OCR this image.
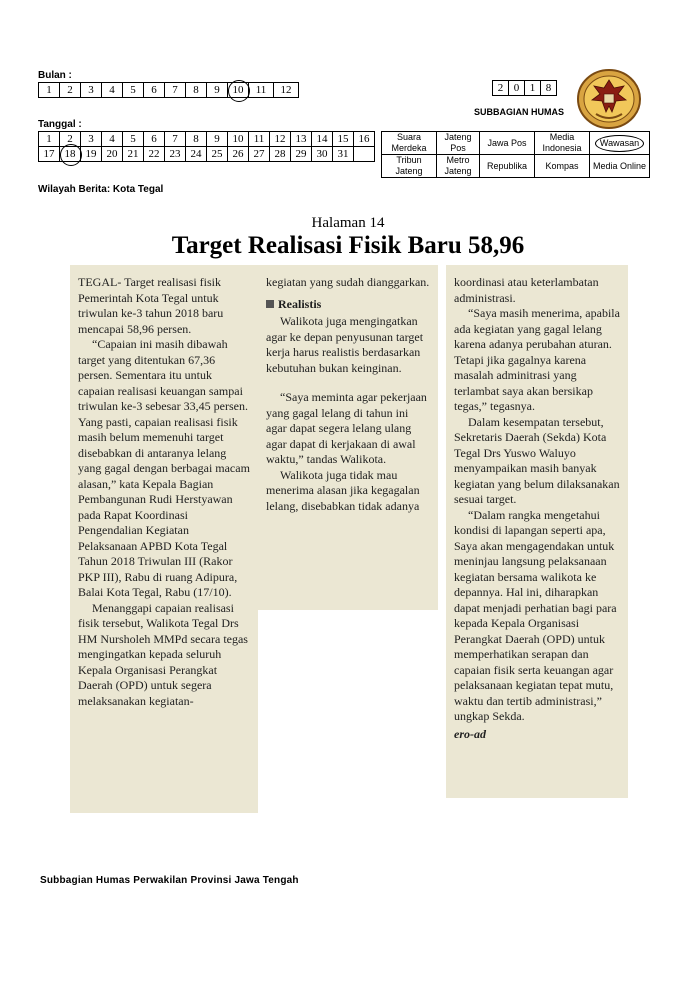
Bulan :
1	2	3	4	5	6	7	8	9	10	11	12
Tanggal :
1	2	3	4	5	6	7	8	9	10	11	12	13	14	15	16
17	18	19	20	21	22	23	24	25	26	27	28	29	30	31	
Wilayah Berita: Kota Tegal
2	0	1	8
SUBBAGIAN HUMAS
Suara Merdeka	Jateng Pos	Jawa Pos	Media Indonesia	Wawasan
Tribun Jateng	Metro Jateng	Republika	Kompas	Media Online
Halaman 14
Target Realisasi Fisik Baru 58,96

TEGAL- Target realisasi fisik Pemerintah Kota Tegal untuk triwulan ke-3 tahun 2018 baru mencapai 58,96 persen.

“Capaian ini masih dibawah target yang ditentukan 67,36 persen. Sementara itu untuk capaian realisasi keuangan sampai triwulan ke-3 sebesar 33,45 persen. Yang pasti, capaian realisasi fisik masih belum memenuhi target disebabkan di antaranya lelang yang gagal dengan berbagai macam alasan,” kata Kepala Bagian Pembangunan Rudi Herstyawan pada Rapat Koordinasi Pengendalian Kegiatan Pelaksanaan APBD Kota Tegal Tahun 2018 Triwulan III (Rakor PKP III), Rabu di ruang Adipura, Balai Kota Tegal, Rabu (17/10).

Menanggapi capaian realisasi fisik tersebut, Walikota Tegal Drs HM Nursholeh MMPd secara tegas mengingatkan kepada seluruh Kepala Organisasi Perangkat Daerah (OPD) untuk segera melaksanakan kegiatan-

kegiatan yang sudah dianggarkan.

Realistis

Walikota juga mengingatkan agar ke depan penyusunan target kerja harus realistis berdasarkan kebutuhan bukan keinginan.

“Saya meminta agar pekerjaan yang gagal lelang di tahun ini agar dapat segera lelang ulang agar dapat di kerjakaan di awal waktu,” tandas Walikota.

Walikota juga tidak mau menerima alasan jika kegagalan lelang, disebabkan tidak adanya

koordinasi atau keterlambatan administrasi.

“Saya masih menerima, apabila ada kegiatan yang gagal lelang karena adanya perubahan aturan. Tetapi jika gagalnya karena masalah adminitrasi yang terlambat saya akan bersikap tegas,” tegasnya.

Dalam kesempatan tersebut, Sekretaris Daerah (Sekda) Kota Tegal Drs Yuswo Waluyo menyampaikan masih banyak kegiatan yang belum dilaksanakan sesuai target.

“Dalam rangka mengetahui kondisi di lapangan seperti apa, Saya akan mengagendakan untuk meninjau langsung pelaksanaan kegiatan bersama walikota ke depannya. Hal ini, diharapkan dapat menjadi perhatian bagi para kepada Kepala Organisasi Perangkat Daerah (OPD) untuk memperhatikan serapan dan capaian fisik serta keuangan agar pelaksanaan kegiatan tepat mutu, waktu dan tertib administrasi,” ungkap Sekda.

ero-ad
Subbagian Humas Perwakilan Provinsi Jawa Tengah
